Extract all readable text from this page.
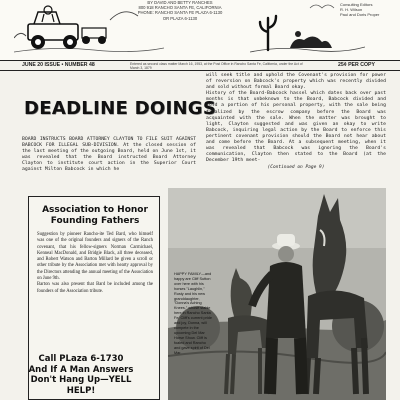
BY DAVID AND BETTY RANCHES
800 918 RANCHO SANTA FE, CALIFORNIA
PHONE: RANCHO SANTA FE PLAZA 6-1130
OR PLAZA 6-1130
Consulting Editors
R. H. Wilson
Paul and Doris Proper
JUNE 20 ISSUE • NUMBER 48	Entered as second class matter March 16, 1953, at the Post Office in Rancho Santa Fe, California, under the Act of March 3, 1879	25¢ PER COPY
DEADLINE DOINGS
BOARD INSTRUCTS BOARD ATTORNEY CLAYTON TO FILE SUIT AGAINST BABCOCK FOR ILLEGAL SUB-DIVISION. At the closed session of the last meeting of the outgoing Board, held on June 1st, it was revealed that the Board instructed Board Attorney Clayton to institute court action in the Superior Court against Milton Babcock in which he
will seek title and uphold the Covenant's provision for power of reversion on Babcock's property which was recently divided and sold without formal Board okay.
History of the Board-Babcock hassel which dates back over past months is that unbeknown to the Board, Babcock divided and sold a portion of his personal property, with the sale being finalized by the escrow company before the Board was acquainted with the sale. When the matter was brought to light, Clayton suggested and was given an okay to write Babcock, inquiring legal action by the Board to enforce this pertinent covenant provision should the Board not hear about and come before the Board. At a subsequent meeting, when it was revealed that Babcock was ignoring the Board's communication, Clayton then stated to the Board (at the December 19th meet-
(Continued on Page 9)
Association to Honor Founding Fathers
Suggestion by pioneer Rancho-ite Ted Bard, who himself was one of the original founders and signers of the Ranch covenant, that his fellow-signers Norman Carmichael, Kenneal MacDonald, and Bridgie Black, all three deceased, and Robert Watson and Barton Millard be given a scroll or other tribute by the Association met with hearty approval by the Directors attending the annual meeting of the Association on June 9th.
Barton was also present that Bard be included among the founders of the Association tribute.
Call PLaza 6-1730
And If A Man Answers
Don't Hang Up—YELL
HELP!
HAPPY FAMILY—and happy are Cliff Sutton over here with his horses "Laughlin," Rusty and his new granddaughter, "Donna's Aching Knees," whose stable here in Rancho Santa Fe. Cliff's current pride and joy, Donna, will compete in the upcoming Del Mar Horse Show. Cliff is foaled and Rancho and gave spirit of Del Mar.
